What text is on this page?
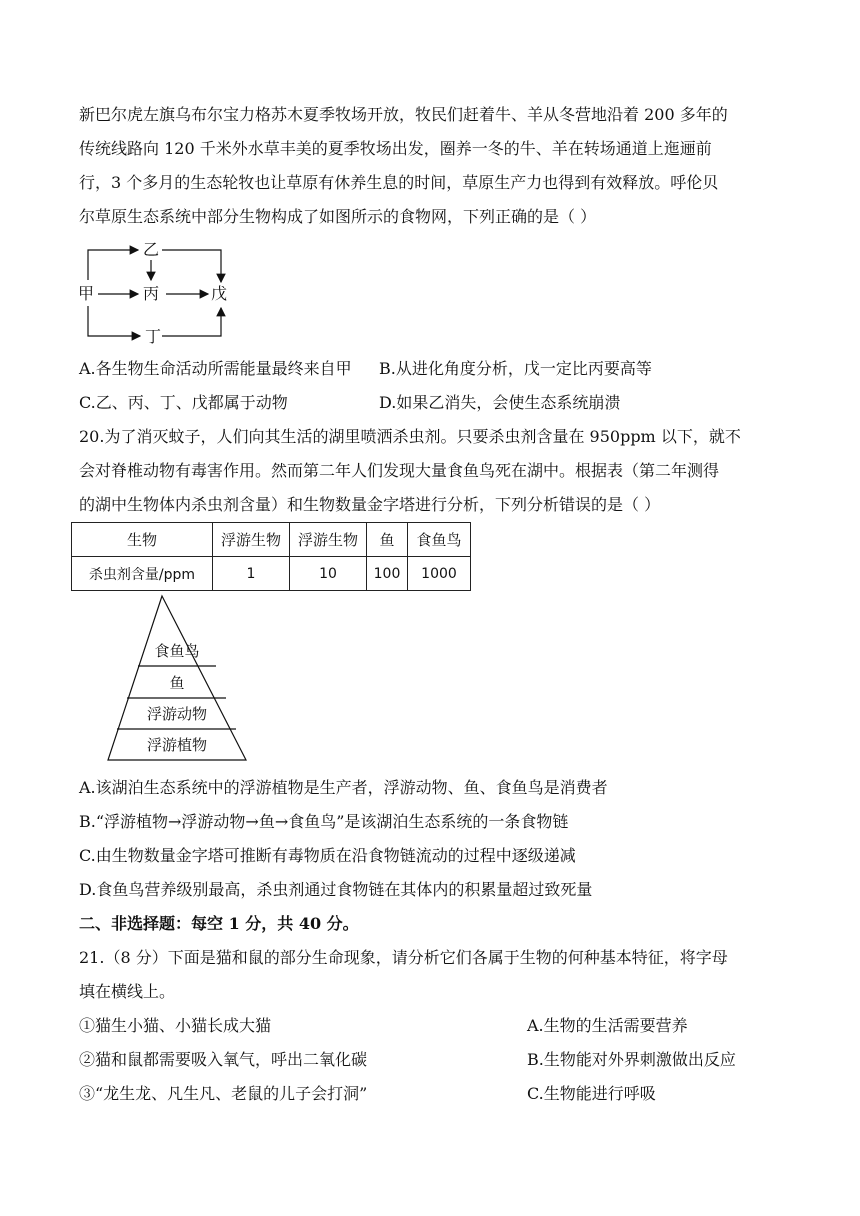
新巴尔虎左旗乌布尔宝力格苏木夏季牧场开放，牧民们赶着牛、羊从冬营地沿着 200 多年的
传统线路向 120 千米外水草丰美的夏季牧场出发，圈养一冬的牛、羊在转场通道上迤逦前
行，3 个多月的生态轮牧也让草原有休养生息的时间，草原生产力也得到有效释放。呼伦贝
尔草原生态系统中部分生物构成了如图所示的食物网，下列正确的是（ ）
甲
乙
丙
丁
戊
A.各生物生命活动所需能量最终来自甲 B.从进化角度分析，戊一定比丙要高等
C.乙、丙、丁、戊都属于动物	D.如果乙消失，会使生态系统崩溃
20.为了消灭蚊子，人们向其生活的湖里喷洒杀虫剂。只要杀虫剂含量在 950ppm 以下，就不
会对脊椎动物有毒害作用。然而第二年人们发现大量食鱼鸟死在湖中。根据表（第二年测得
的湖中生物体内杀虫剂含量）和生物数量金字塔进行分析，下列分析错误的是（ ）
生物	浮游生物	浮游生物	鱼	食鱼鸟
杀虫剂含量/ppm	1	10	100	1000
食鱼鸟
鱼
浮游动物
浮游植物
A.该湖泊生态系统中的浮游植物是生产者，浮游动物、鱼、食鱼鸟是消费者
B.“浮游植物→浮游动物→鱼→食鱼鸟”是该湖泊生态系统的一条食物链
C.由生物数量金字塔可推断有毒物质在沿食物链流动的过程中逐级递减
D.食鱼鸟营养级别最高，杀虫剂通过食物链在其体内的积累量超过致死量
二、非选择题：每空 1 分，共 40 分。
21.（8 分）下面是猫和鼠的部分生命现象，请分析它们各属于生物的何种基本特征，将字母
填在横线上。
①猫生小猫、小猫长成大猫	A.生物的生活需要营养
②猫和鼠都需要吸入氧气，呼出二氧化碳	B.生物能对外界刺激做出反应
③“龙生龙、凡生凡、老鼠的儿子会打洞”	C.生物能进行呼吸
